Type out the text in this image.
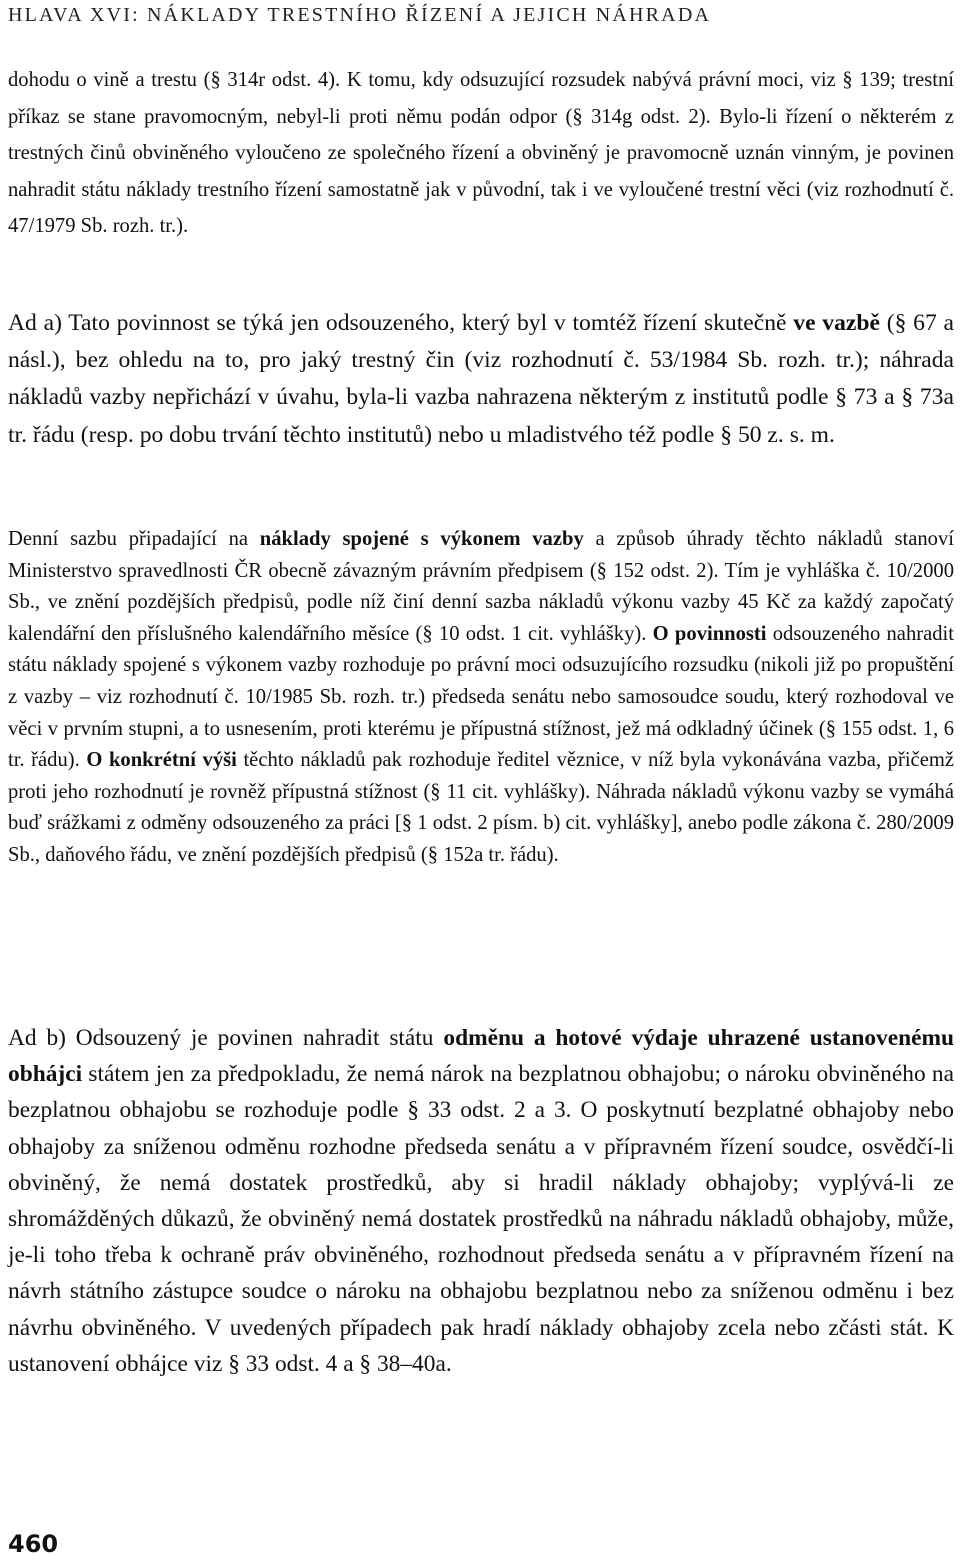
HLAVA XVI: NÁKLADY TRESTNÍHO ŘÍZENÍ A JEJICH NÁHRADA

dohodu o vině a trestu (§ 314r odst. 4). K tomu, kdy odsuzující rozsudek nabývá právní moci, viz § 139; trestní příkaz se stane pravomocným, nebyl-li proti němu podán odpor (§ 314g odst. 2). Bylo-li řízení o některém z trestných činů obviněného vyloučeno ze společného řízení a obviněný je pravomocně uznán vinným, je povinen nahradit státu náklady trestního řízení samostatně jak v původní, tak i ve vyloučené trestní věci (viz rozhodnutí č. 47/1979 Sb. rozh. tr.).

Ad a) Tato povinnost se týká jen odsouzeného, který byl v tomtéž řízení skutečně ve vazbě (§ 67 a násl.), bez ohledu na to, pro jaký trestný čin (viz rozhodnutí č. 53/1984 Sb. rozh. tr.); náhrada nákladů vazby nepřichází v úvahu, byla-li vazba nahrazena některým z institutů podle § 73 a § 73a tr. řádu (resp. po dobu trvání těchto institutů) nebo u mladistvého též podle § 50 z. s. m.

Denní sazbu připadající na náklady spojené s výkonem vazby a způsob úhrady těchto nákladů stanoví Ministerstvo spravedlnosti ČR obecně závazným právním předpisem (§ 152 odst. 2). Tím je vyhláška č. 10/2000 Sb., ve znění pozdějších předpisů, podle níž činí denní sazba nákladů výkonu vazby 45 Kč za každý započatý kalendářní den příslušného kalendářního měsíce (§ 10 odst. 1 cit. vyhlášky). O povinnosti odsouzeného nahradit státu náklady spojené s výkonem vazby rozhoduje po právní moci odsuzujícího rozsudku (nikoli již po propuštění z vazby – viz rozhodnutí č. 10/1985 Sb. rozh. tr.) předseda senátu nebo samosoudce soudu, který rozhodoval ve věci v prvním stupni, a to usnesením, proti kterému je přípustná stížnost, jež má odkladný účinek (§ 155 odst. 1, 6 tr. řádu). O konkrétní výši těchto nákladů pak rozhoduje ředitel věznice, v níž byla vykonávána vazba, přičemž proti jeho rozhodnutí je rovněž přípustná stížnost (§ 11 cit. vyhlášky). Náhrada nákladů výkonu vazby se vymáhá buď srážkami z odměny odsouzeného za práci [§ 1 odst. 2 písm. b) cit. vyhlášky], anebo podle zákona č. 280/2009 Sb., daňového řádu, ve znění pozdějších předpisů (§ 152a tr. řádu).

Ad b) Odsouzený je povinen nahradit státu odměnu a hotové výdaje uhrazené ustanovenému obhájci státem jen za předpokladu, že nemá nárok na bezplatnou obhajobu; o nároku obviněného na bezplatnou obhajobu se rozhoduje podle § 33 odst. 2 a 3. O poskytnutí bezplatné obhajoby nebo obhajoby za sníženou odměnu rozhodne předseda senátu a v přípravném řízení soudce, osvědčí-li obviněný, že nemá dostatek prostředků, aby si hradil náklady obhajoby; vyplývá-li ze shromážděných důkazů, že obviněný nemá dostatek prostředků na náhradu nákladů obhajoby, může, je-li toho třeba k ochraně práv obviněného, rozhodnout předseda senátu a v přípravném řízení na návrh státního zástupce soudce o nároku na obhajobu bezplatnou nebo za sníženou odměnu i bez návrhu obviněného. V uvedených případech pak hradí náklady obhajoby zcela nebo zčásti stát. K ustanovení obhájce viz § 33 odst. 4 a § 38–40a.

460
